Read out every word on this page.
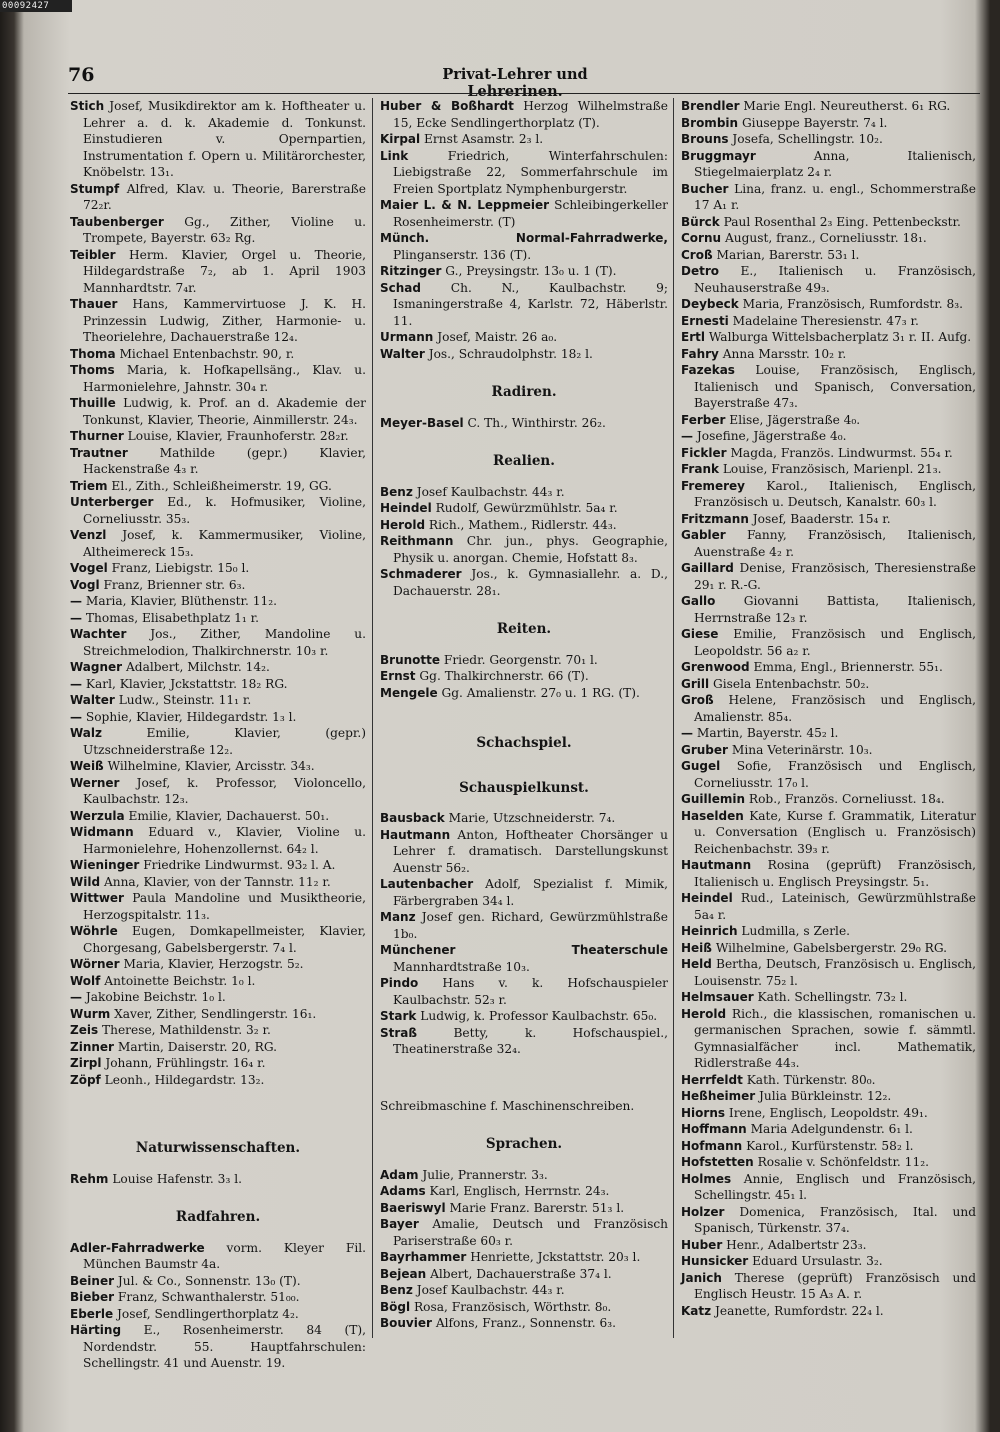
00092427
76	Privat-Lehrer und Lehrerinen.

Stich Josef, Musikdirektor am k. Hoftheater u. Lehrer a. d. k. Akademie d. Tonkunst. Einstudieren v. Opernpartien, Instrumentation f. Opern u. Militärorchester, Knöbelstr. 13₁.

Stumpf Alfred, Klav. u. Theorie, Barerstraße 72₂r.

Taubenberger Gg., Zither, Violine u. Trompete, Bayerstr. 63₂ Rg.

Teibler Herm. Klavier, Orgel u. Theorie, Hildegardstraße 7₂, ab 1. April 1903 Mannhardtstr. 7₄r.

Thauer Hans, Kammervirtuose J. K. H. Prinzessin Ludwig, Zither, Harmonie- u. Theorielehre, Dachauerstraße 12₄.

Thoma Michael Entenbachstr. 90, r.

Thoms Maria, k. Hofkapellsäng., Klav. u. Harmonielehre, Jahnstr. 30₄ r.

Thuille Ludwig, k. Prof. an d. Akademie der Tonkunst, Klavier, Theorie, Ainmillerstr. 24₃.

Thurner Louise, Klavier, Fraunhoferstr. 28₂r.

Trautner	Mathilde (gepr.) Klavier, Hackenstraße 4₃ r.

Triem El., Zith., Schleißheimerstr. 19, GG.

Unterberger Ed., k. Hofmusiker, Violine, Corneliusstr. 35₃.

Venzl Josef, k. Kammermusiker, Violine, Altheimereck 15₃.

Vogel Franz, Liebigstr. 15₀ l.

Vogl Franz, Brienner str. 6₃.

— Maria, Klavier, Blüthenstr. 11₂.

— Thomas, Elisabethplatz 1₁ r.

Wachter Jos., Zither, Mandoline u. Streichmelodion, Thalkirchnerstr. 10₃ r.

Wagner Adalbert, Milchstr. 14₂.

— Karl, Klavier, Jckstattstr. 18₂ RG.

Walter Ludw., Steinstr. 11₁ r.

— Sophie, Klavier, Hildegardstr. 1₃ l.

Walz	Emilie, Klavier, (gepr.) Utzschneiderstraße 12₂.

Weiß Wilhelmine, Klavier, Arcisstr. 34₃.

Werner Josef, k. Professor, Violoncello, Kaulbachstr. 12₃.

Werzula Emilie, Klavier, Dachauerst. 50₁.

Widmann Eduard v., Klavier, Violine u. Harmonielehre, Hohenzollernst. 64₂ l.

Wieninger Friedrike Lindwurmst. 93₂ l. A.

Wild Anna, Klavier, von der Tannstr. 11₂ r.

Wittwer Paula Mandoline und Musiktheorie, Herzogspitalstr. 11₃.

Wöhrle Eugen, Domkapellmeister, Klavier, Chorgesang, Gabelsbergerstr. 7₄ l.

Wörner Maria, Klavier, Herzogstr. 5₂.

Wolf Antoinette Beichstr. 1₀ l.

— Jakobine Beichstr. 1₀ l.

Wurm Xaver, Zither, Sendlingerstr. 16₁.

Zeis Therese, Mathildenstr. 3₂ r.

Zinner Martin, Daiserstr. 20, RG.

Zirpl Johann, Frühlingstr. 16₄ r.

Zöpf Leonh., Hildegardstr. 13₂.

Naturwissenschaften.

Rehm Louise Hafenstr. 3₃ l.

Radfahren.

Adler-Fahrradwerke vorm. Kleyer Fil. München Baumstr 4a.

Beiner Jul. & Co., Sonnenstr. 13₀ (T).

Bieber Franz, Schwanthalerstr. 51₀₀.

Eberle Josef, Sendlingerthorplatz 4₂.

Härting E., Rosenheimerstr. 84 (T), Nordendstr. 55. Hauptfahrschulen: Schellingstr. 41 und Auenstr. 19.

Huber & Boßhardt Herzog Wilhelmstraße 15, Ecke Sendlingerthorplatz (T).

Kirpal Ernst Asamstr. 2₃ l.

Link	Friedrich, Winterfahrschulen: Liebigstraße 22, Sommerfahrschule im Freien Sportplatz Nymphenburgerstr.

Maier L. & N. Leppmeier Schleibingerkeller Rosenheimerstr. (T)

Münch. Normal-Fahrradwerke, Plinganserstr. 136 (T).

Ritzinger G., Preysingstr. 13₀ u. 1 (T).

Schad Ch. N., Kaulbachstr. 9; Ismaningerstraße 4, Karlstr. 72, Häberlstr. 11.

Urmann Josef, Maistr. 26 a₀.

Walter Jos., Schraudolphstr. 18₂ l.

Radiren.

Meyer-Basel C. Th., Winthirstr. 26₂.

Realien.

Benz Josef Kaulbachstr. 44₃ r.

Heindel Rudolf, Gewürzmühlstr. 5a₄ r.

Herold Rich., Mathem., Ridlerstr. 44₃.

Reithmann Chr. jun., phys. Geographie, Physik u. anorgan. Chemie, Hofstatt 8₃.

Schmaderer Jos., k. Gymnasiallehr. a. D., Dachauerstr. 28₁.

Reiten.

Brunotte Friedr. Georgenstr. 70₁ l.

Ernst Gg. Thalkirchnerstr. 66 (T).

Mengele Gg. Amalienstr. 27₀ u. 1 RG. (T).

Schachspiel.
Schauspielkunst.

Bausback Marie, Utzschneiderstr. 7₄.

Hautmann Anton, Hoftheater Chorsänger u Lehrer f. dramatisch. Darstellungskunst Auenstr 56₂.

Lautenbacher Adolf, Spezialist f. Mimik, Färbergraben 34₄ l.

Manz Josef gen. Richard, Gewürzmühlstraße 1b₀.

Münchener Theaterschule Mannhardtstraße 10₃.

Pindo Hans v. k. Hofschauspieler Kaulbachstr. 52₃ r.

Stark Ludwig, k. Professor Kaulbachstr. 65₀.

Straß	Betty, k. Hofschauspiel., Theatinerstraße 32₄.

Schreibmaschine f. Maschinenschreiben.
Sprachen.

Adam Julie, Prannerstr. 3₃.

Adams Karl, Englisch, Herrnstr. 24₃.

Baeriswyl Marie Franz. Barerstr. 51₃ l.

Bayer Amalie, Deutsch und Französisch Pariserstraße 60₃ r.

Bayrhammer Henriette, Jckstattstr. 20₃ l.

Bejean Albert, Dachauerstraße 37₄ l.

Benz Josef Kaulbachstr. 44₃ r.

Bögl Rosa, Französisch, Wörthstr. 8₀.

Bouvier Alfons, Franz., Sonnenstr. 6₃.

Brendler Marie Engl. Neureutherst. 6₁ RG.

Brombin Giuseppe Bayerstr. 7₄ l.

Brouns Josefa, Schellingstr. 10₂.

Bruggmayr	Anna, Italienisch, Stiegelmaierplatz 2₄ r.

Bucher Lina, franz. u. engl., Schommerstraße 17 A₁ r.

Bürck Paul Rosenthal 2₃ Eing. Pettenbeckstr.

Cornu August, franz., Corneliusstr. 18₁.

Croß Marian, Barerstr. 53₁ l.

Detro E., Italienisch u. Französisch, Neuhauserstraße 49₃.

Deybeck Maria, Französisch, Rumfordstr. 8₃.

Ernesti Madelaine Theresienstr. 47₃ r.

Ertl Walburga Wittelsbacherplatz 3₁ r. II. Aufg.

Fahry Anna Marsstr. 10₂ r.

Fazekas Louise, Französisch, Englisch, Italienisch und Spanisch, Conversation, Bayerstraße 47₃.

Ferber Elise, Jägerstraße 4₀.

— Josefine, Jägerstraße 4₀.

Fickler Magda, Französ. Lindwurmst. 55₄ r.

Frank Louise, Französisch, Marienpl. 21₃.

Fremerey Karol., Italienisch, Englisch, Französisch u. Deutsch, Kanalstr. 60₃ l.

Fritzmann Josef, Baaderstr. 15₄ r.

Gabler Fanny, Französisch, Italienisch, Auenstraße 4₂ r.

Gaillard Denise, Französisch, Theresienstraße 29₁ r. R.-G.

Gallo Giovanni Battista, Italienisch, Herrnstraße 12₃ r.

Giese Emilie, Französisch und Englisch, Leopoldstr. 56 a₂ r.

Grenwood Emma, Engl., Briennerstr. 55₁.

Grill Gisela Entenbachstr. 50₂.

Groß Helene, Französisch und Englisch, Amalienstr. 85₄.

— Martin, Bayerstr. 45₂ l.

Gruber Mina Veterinärstr. 10₃.

Gugel Sofie, Französisch und Englisch, Corneliusstr. 17₀ l.

Guillemin Rob., Französ. Corneliusst. 18₄.

Haselden Kate, Kurse f. Grammatik, Literatur u. Conversation (Englisch u. Französisch) Reichenbachstr. 39₃ r.

Hautmann Rosina (geprüft) Französisch, Italienisch u. Englisch Preysingstr. 5₁.

Heindel Rud., Lateinisch, Gewürzmühlstraße 5a₄ r.

Heinrich Ludmilla, s Zerle.

Heiß Wilhelmine, Gabelsbergerstr. 29₀ RG.

Held Bertha, Deutsch, Französisch u. Englisch, Louisenstr. 75₂ l.

Helmsauer Kath. Schellingstr. 73₂ l.

Herold Rich., die klassischen, romanischen u. germanischen Sprachen, sowie f. sämmtl. Gymnasialfächer incl. Mathematik, Ridlerstraße 44₃.

Herrfeldt Kath. Türkenstr. 80₀.

Heßheimer Julia Bürkleinstr. 12₂.

Hiorns Irene, Englisch, Leopoldstr. 49₁.

Hoffmann Maria Adelgundenstr. 6₁ l.

Hofmann Karol., Kurfürstenstr. 58₂ l.

Hofstetten Rosalie v. Schönfeldstr. 11₂.

Holmes Annie, Englisch und Französisch, Schellingstr. 45₁ l.

Holzer Domenica, Französisch, Ital. und Spanisch, Türkenstr. 37₄.

Huber Henr., Adalbertstr 23₃.

Hunsicker Eduard Ursulastr. 3₂.

Janich Therese (geprüft) Französisch und Englisch Heustr. 15 A₃ A. r.

Katz Jeanette, Rumfordstr. 22₄ l.
